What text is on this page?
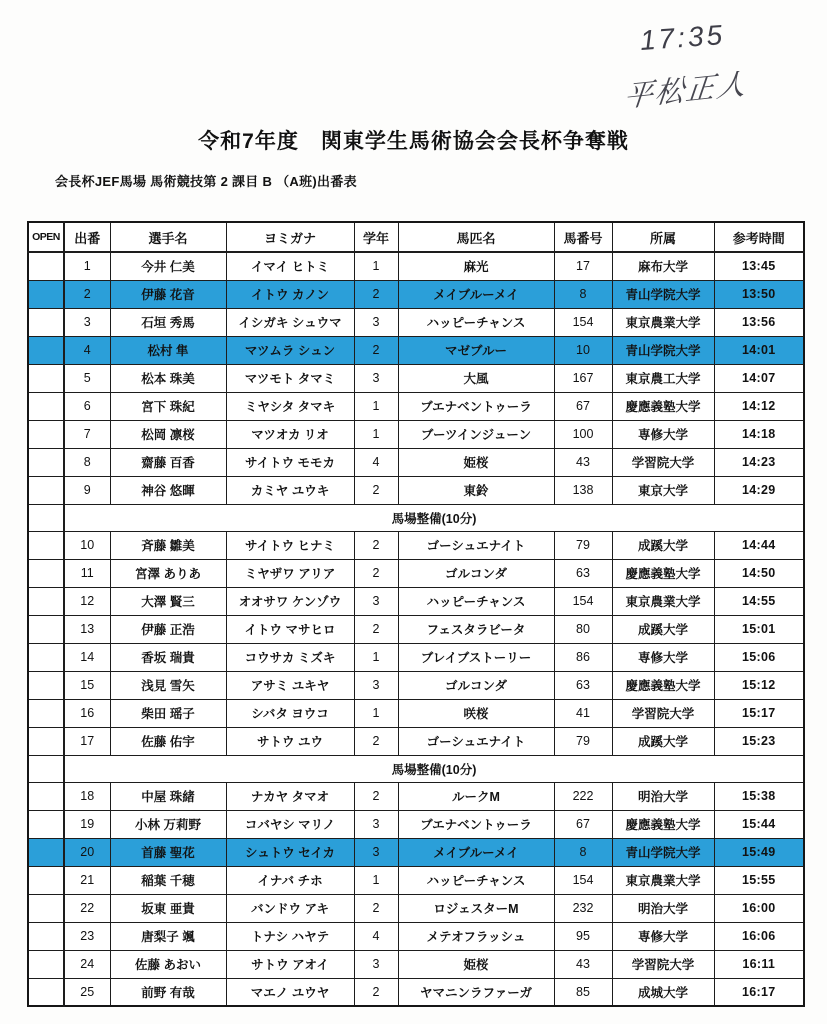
17:35
平松正人
令和7年度　関東学生馬術協会会長杯争奪戦
会長杯JEF馬場 馬術競技第 2 課目 B （A班)出番表
OPEN	出番	選手名	ヨミガナ	学年	馬匹名	馬番号	所属	参考時間
	1	今井 仁美	イマイ ヒトミ	1	麻光	17	麻布大学	13:45
	2	伊藤 花音	イトウ カノン	2	メイブルーメイ	8	青山学院大学	13:50
	3	石垣 秀馬	イシガキ シュウマ	3	ハッピーチャンス	154	東京農業大学	13:56
	4	松村 隼	マツムラ シュン	2	マゼブルー	10	青山学院大学	14:01
	5	松本 珠美	マツモト タマミ	3	大風	167	東京農工大学	14:07
	6	宮下 珠紀	ミヤシタ タマキ	1	ブエナベントゥーラ	67	慶應義塾大学	14:12
	7	松岡 凛桜	マツオカ リオ	1	ブーツインジューン	100	専修大学	14:18
	8	齋藤 百香	サイトウ モモカ	4	姫桜	43	学習院大学	14:23
	9	神谷 悠暉	カミヤ ユウキ	2	東鈴	138	東京大学	14:29
	馬場整備(10分)							
	10	斉藤 雛美	サイトウ ヒナミ	2	ゴーシュエナイト	79	成蹊大学	14:44
	11	宮澤 ありあ	ミヤザワ アリア	2	ゴルコンダ	63	慶應義塾大学	14:50
	12	大澤 賢三	オオサワ ケンゾウ	3	ハッピーチャンス	154	東京農業大学	14:55
	13	伊藤 正浩	イトウ マサヒロ	2	フェスタラビータ	80	成蹊大学	15:01
	14	香坂 瑞貴	コウサカ ミズキ	1	ブレイブストーリー	86	専修大学	15:06
	15	浅見 雪矢	アサミ ユキヤ	3	ゴルコンダ	63	慶應義塾大学	15:12
	16	柴田 瑶子	シバタ ヨウコ	1	咲桜	41	学習院大学	15:17
	17	佐藤 佑宇	サトウ ユウ	2	ゴーシュエナイト	79	成蹊大学	15:23
	馬場整備(10分)							
	18	中屋 珠緒	ナカヤ タマオ	2	ルークM	222	明治大学	15:38
	19	小林 万莉野	コバヤシ マリノ	3	ブエナベントゥーラ	67	慶應義塾大学	15:44
	20	首藤 聖花	シュトウ セイカ	3	メイブルーメイ	8	青山学院大学	15:49
	21	稲葉 千穂	イナバ チホ	1	ハッピーチャンス	154	東京農業大学	15:55
	22	坂東 亜貴	バンドウ アキ	2	ロジェスターM	232	明治大学	16:00
	23	唐梨子 颯	トナシ ハヤテ	4	メテオフラッシュ	95	専修大学	16:06
	24	佐藤 あおい	サトウ アオイ	3	姫桜	43	学習院大学	16:11
	25	前野 有哉	マエノ ユウヤ	2	ヤマニンラファーガ	85	成城大学	16:17
